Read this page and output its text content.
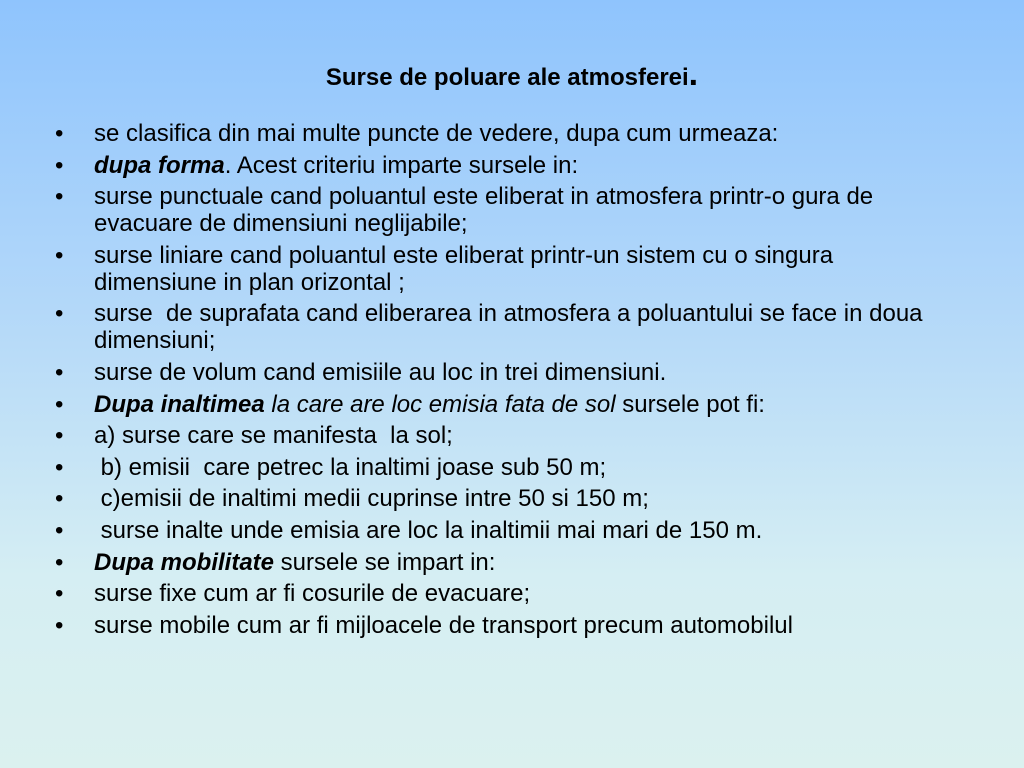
Surse de poluare ale atmosferei.
• se clasifica din mai multe puncte de vedere, dupa cum urmeaza:
• dupa forma. Acest criteriu imparte sursele in:
• surse punctuale cand poluantul este eliberat in atmosfera printr-o gura de evacuare de dimensiuni neglijabile;
• surse liniare cand poluantul este eliberat printr-un sistem cu o singura dimensiune in plan orizontal ;
• surse  de suprafata cand eliberarea in atmosfera a poluantului se face in doua dimensiuni;
• surse de volum cand emisiile au loc in trei dimensiuni.
• Dupa inaltimea la care are loc emisia fata de sol sursele pot fi:
• a) surse care se manifesta  la sol;
• b) emisii  care petrec la inaltimi joase sub 50 m;
• c)emisii de inaltimi medii cuprinse intre 50 si 150 m;
• surse inalte unde emisia are loc la inaltimii mai mari de 150 m.
• Dupa mobilitate sursele se impart in:
• surse fixe cum ar fi cosurile de evacuare;
• surse mobile cum ar fi mijloacele de transport precum automobilul
